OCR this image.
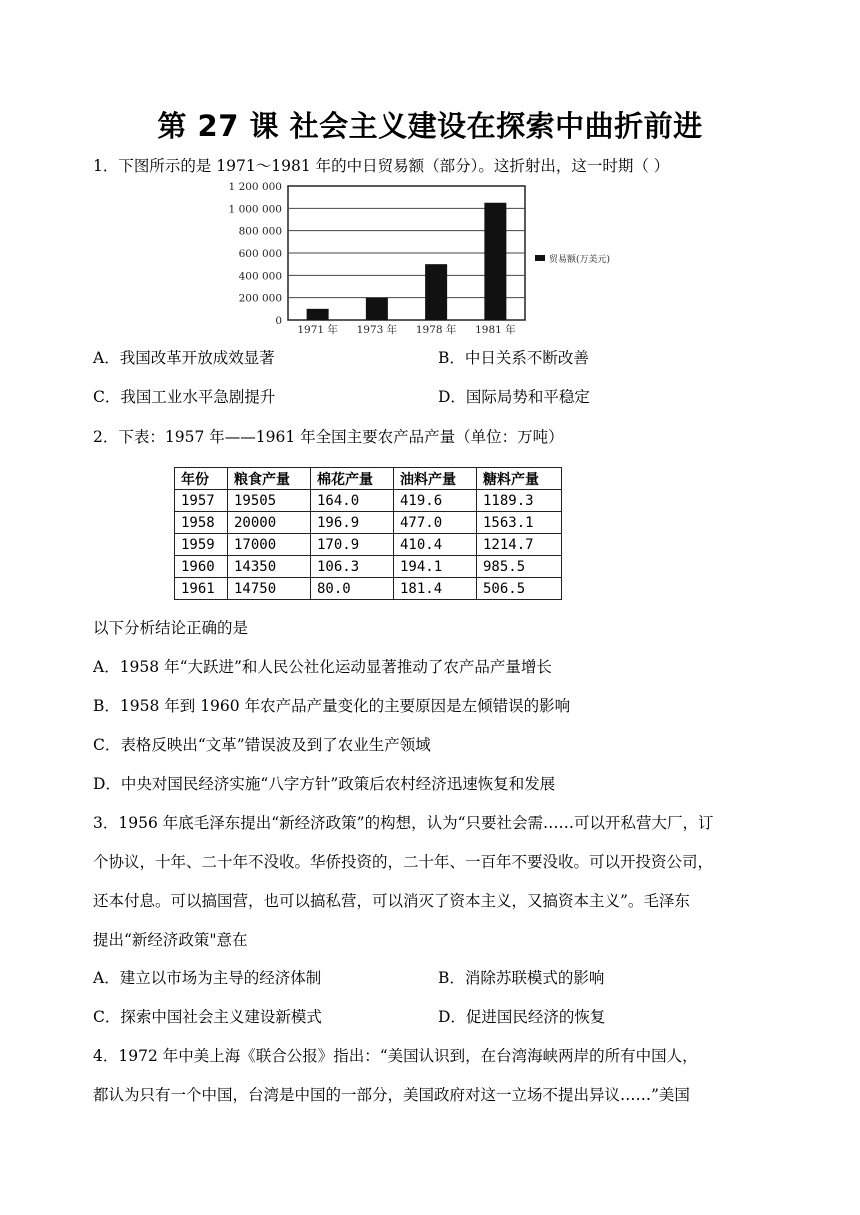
第 27 课 社会主义建设在探索中曲折前进
1．下图所示的是 1971～1981 年的中日贸易额（部分）。这折射出，这一时期（ ）
0
200 000
400 000
600 000
800 000
1 000 000
1 200 000
1971 年 1973 年 1978 年 1981 年
贸易额(万美元)
A．我国改革开放成效显著	B．中日关系不断改善
C．我国工业水平急剧提升	D．国际局势和平稳定
2．下表：1957 年——1961 年全国主要农产品产量（单位：万吨）
年份	粮食产量	棉花产量	油料产量	糖料产量
1957	19505	164.0	419.6	1189.3
1958	20000	196.9	477.0	1563.1
1959	17000	170.9	410.4	1214.7
1960	14350	106.3	194.1	985.5
1961	14750	80.0	181.4	506.5
以下分析结论正确的是
A．1958 年“大跃进”和人民公社化运动显著推动了农产品产量增长
B．1958 年到 1960 年农产品产量变化的主要原因是左倾错误的影响
C．表格反映出“文革”错误波及到了农业生产领域
D．中央对国民经济实施“八字方针”政策后农村经济迅速恢复和发展
3．1956 年底毛泽东提出“新经济政策”的构想，认为“只要社会需……可以开私营大厂，订
个协议，十年、二十年不没收。华侨投资的，二十年、一百年不要没收。可以开投资公司，
还本付息。可以搞国营，也可以搞私营，可以消灭了资本主义，又搞资本主义”。毛泽东
提出“新经济政策"意在
A．建立以市场为主导的经济体制	B．消除苏联模式的影响
C．探索中国社会主义建设新模式	D．促进国民经济的恢复
4．1972 年中美上海《联合公报》指出：“美国认识到，在台湾海峡两岸的所有中国人，
都认为只有一个中国，台湾是中国的一部分，美国政府对这一立场不提出异议……”美国
